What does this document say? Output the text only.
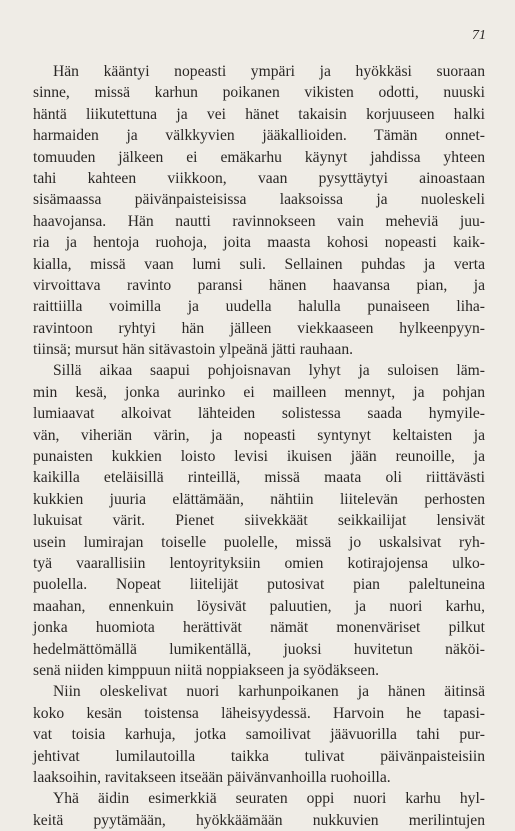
71
Hän kääntyi nopeasti ympäri ja hyökkäsi suoraan
sinne, missä karhun poikanen vikisten odotti, nuuski
häntä liikutettuna ja vei hänet takaisin korjuuseen halki
harmaiden ja välkkyvien jääkallioiden. Tämän onnet-
tomuuden jälkeen ei emäkarhu käynyt jahdissa yhteen
tahi kahteen viikkoon, vaan pysyttäytyi ainoastaan
sisämaassa päivänpaisteisissa laaksoissa ja nuoleskeli
haavojansa. Hän nautti ravinnokseen vain meheviä juu-
ria ja hentoja ruohoja, joita maasta kohosi nopeasti kaik-
kialla, missä vaan lumi suli. Sellainen puhdas ja verta
virvoittava ravinto paransi hänen haavansa pian, ja
raittiilla voimilla ja uudella halulla punaiseen liha-
ravintoon ryhtyi hän jälleen viekkaaseen hylkeenpyyn-
tiinsä; mursut hän sitävastoin ylpeänä jätti rauhaan.
Sillä aikaa saapui pohjoisnavan lyhyt ja suloisen läm-
min kesä, jonka aurinko ei mailleen mennyt, ja pohjan
lumiaavat alkoivat lähteiden solistessa saada hymyile-
vän, viheriän värin, ja nopeasti syntynyt keltaisten ja
punaisten kukkien loisto levisi ikuisen jään reunoille, ja
kaikilla eteläisillä rinteillä, missä maata oli riittävästi
kukkien juuria elättämään, nähtiin liitelevän perhosten
lukuisat värit. Pienet siivekkäät seikkailijat lensivät
usein lumirajan toiselle puolelle, missä jo uskalsivat ryh-
tyä vaarallisiin lentoyrityksiin omien kotirajojensa ulko-
puolella. Nopeat liitelijät putosivat pian paleltuneina
maahan, ennenkuin löysivät paluutien, ja nuori karhu,
jonka huomiota herättivät nämät monenväriset pilkut
hedelmättömällä lumikentällä, juoksi huvitetun näköi-
senä niiden kimppuun niitä noppiakseen ja syödäkseen.
Niin oleskelivat nuori karhunpoikanen ja hänen äitinsä
koko kesän toistensa läheisyydessä. Harvoin he tapasi-
vat toisia karhuja, jotka samoilivat jäävuorilla tahi pur-
jehtivat lumilautoilla taikka tulivat päivänpaisteisiin
laaksoihin, ravitakseen itseään päivänvanhoilla ruohoilla.
Yhä äidin esimerkkiä seuraten oppi nuori karhu hyl-
keitä pyytämään, hyökkäämään nukkuvien merilintujen
